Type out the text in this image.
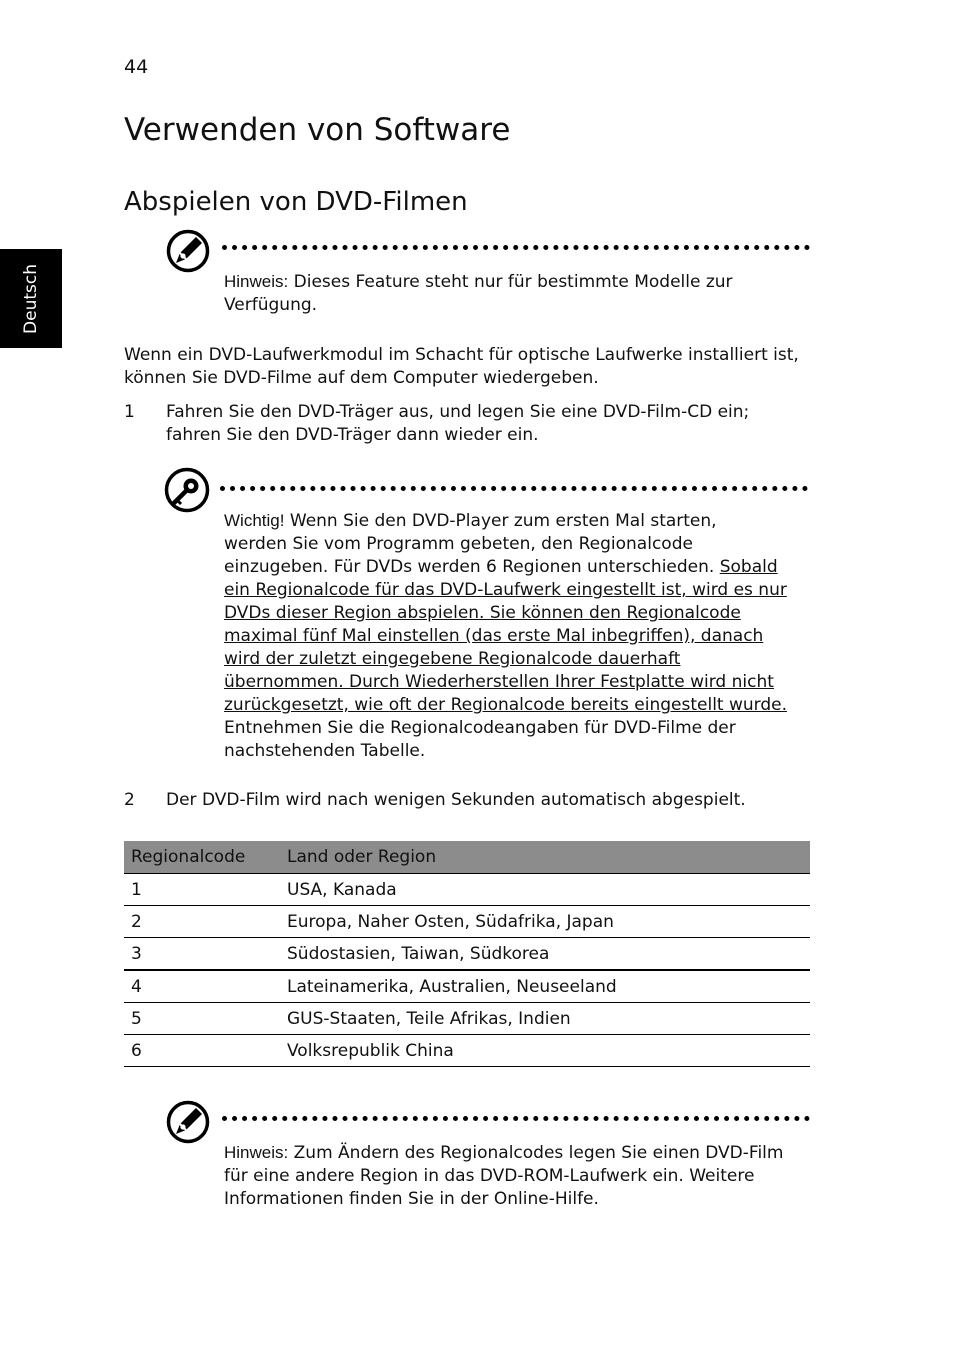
44
Deutsch
Verwenden von Software
Abspielen von DVD-Filmen
Hinweis: Dieses Feature steht nur für bestimmte Modelle zur
Verfügung.
Wenn ein DVD-Laufwerkmodul im Schacht für optische Laufwerke installiert ist,
können Sie DVD-Filme auf dem Computer wiedergeben.
1 Fahren Sie den DVD-Träger aus, und legen Sie eine DVD-Film-CD ein;
fahren Sie den DVD-Träger dann wieder ein.
Wichtig! Wenn Sie den DVD-Player zum ersten Mal starten,
werden Sie vom Programm gebeten, den Regionalcode
einzugeben. Für DVDs werden 6 Regionen unterschieden. Sobald
ein Regionalcode für das DVD-Laufwerk eingestellt ist, wird es nur
DVDs dieser Region abspielen. Sie können den Regionalcode
maximal fünf Mal einstellen (das erste Mal inbegriffen), danach
wird der zuletzt eingegebene Regionalcode dauerhaft
übernommen. Durch Wiederherstellen Ihrer Festplatte wird nicht
zurückgesetzt, wie oft der Regionalcode bereits eingestellt wurde.
Entnehmen Sie die Regionalcodeangaben für DVD-Filme der
nachstehenden Tabelle.
2 Der DVD-Film wird nach wenigen Sekunden automatisch abgespielt.
Regionalcode	Land oder Region
1	USA, Kanada
2	Europa, Naher Osten, Südafrika, Japan
3	Südostasien, Taiwan, Südkorea
4	Lateinamerika, Australien, Neuseeland
5	GUS-Staaten, Teile Afrikas, Indien
6	Volksrepublik China
Hinweis: Zum Ändern des Regionalcodes legen Sie einen DVD-Film
für eine andere Region in das DVD-ROM-Laufwerk ein. Weitere
Informationen finden Sie in der Online-Hilfe.
